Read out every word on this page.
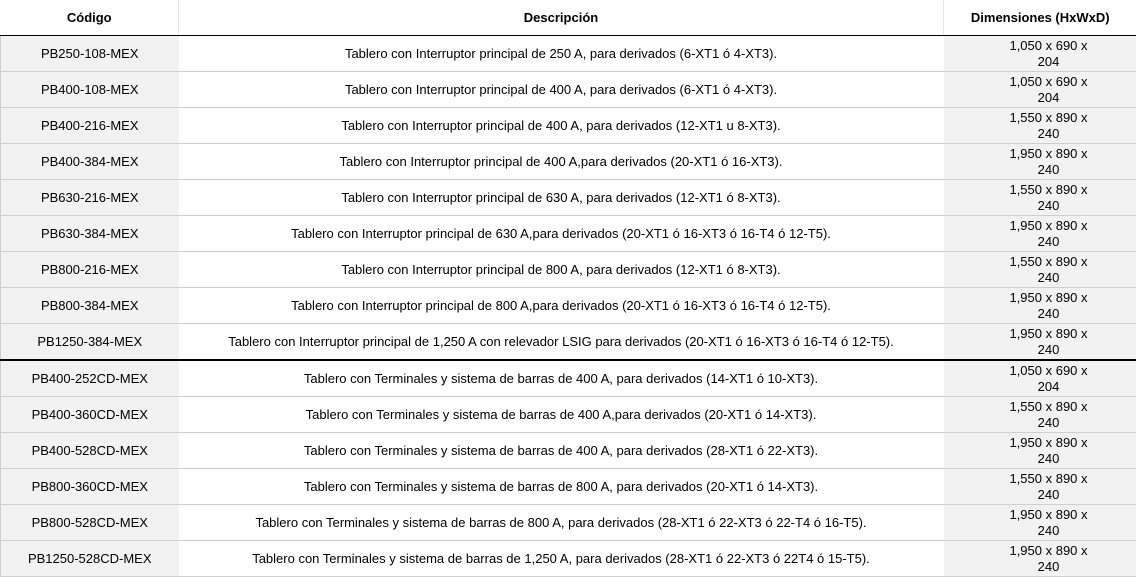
Código	Descripción	Dimensiones (HxWxD)
PB250-108-MEX	Tablero con Interruptor principal de 250 A, para derivados (6-XT1 ó 4-XT3).	1,050 x 690 x 204

PB400-108-MEX	Tablero con Interruptor principal de 400 A, para derivados (6-XT1 ó 4-XT3).	1,050 x 690 x 204

PB400-216-MEX	Tablero con Interruptor principal de 400 A, para derivados (12-XT1 u 8-XT3).	1,550 x 890 x 240

PB400-384-MEX	Tablero con Interruptor principal de 400 A,para derivados (20-XT1 ó 16-XT3).	1,950 x 890 x 240

PB630-216-MEX	Tablero con Interruptor principal de 630 A, para derivados (12-XT1 ó 8-XT3).	1,550 x 890 x 240

PB630-384-MEX	Tablero con Interruptor principal de 630 A,para derivados (20-XT1 ó 16-XT3 ó 16-T4 ó 12-T5).	1,950 x 890 x 240

PB800-216-MEX	Tablero con Interruptor principal de 800 A, para derivados (12-XT1 ó 8-XT3).	1,550 x 890 x 240

PB800-384-MEX	Tablero con Interruptor principal de 800 A,para derivados (20-XT1 ó 16-XT3 ó 16-T4 ó 12-T5).	1,950 x 890 x 240

PB1250-384-MEX	Tablero con Interruptor principal de 1,250 A con relevador LSIG para derivados (20-XT1 ó 16-XT3 ó 16-T4 ó 12-T5).	1,950 x 890 x 240

PB400-252CD-MEX	Tablero con Terminales y sistema de barras de 400 A, para derivados (14-XT1 ó 10-XT3).	1,050 x 690 x 204

PB400-360CD-MEX	Tablero con Terminales y sistema de barras de 400 A,para derivados (20-XT1 ó 14-XT3).	1,550 x 890 x 240

PB400-528CD-MEX	Tablero con Terminales y sistema de barras de 400 A, para derivados (28-XT1 ó 22-XT3).	1,950 x 890 x 240

PB800-360CD-MEX	Tablero con Terminales y sistema de barras de 800 A, para derivados (20-XT1 ó 14-XT3).	1,550 x 890 x 240

PB800-528CD-MEX	Tablero con Terminales y sistema de barras de 800 A, para derivados (28-XT1 ó 22-XT3 ó 22-T4 ó 16-T5).	1,950 x 890 x 240

PB1250-528CD-MEX	Tablero con Terminales y sistema de barras de 1,250 A, para derivados (28-XT1 ó 22-XT3 ó 22T4 ó 15-T5).	1,950 x 890 x 240
